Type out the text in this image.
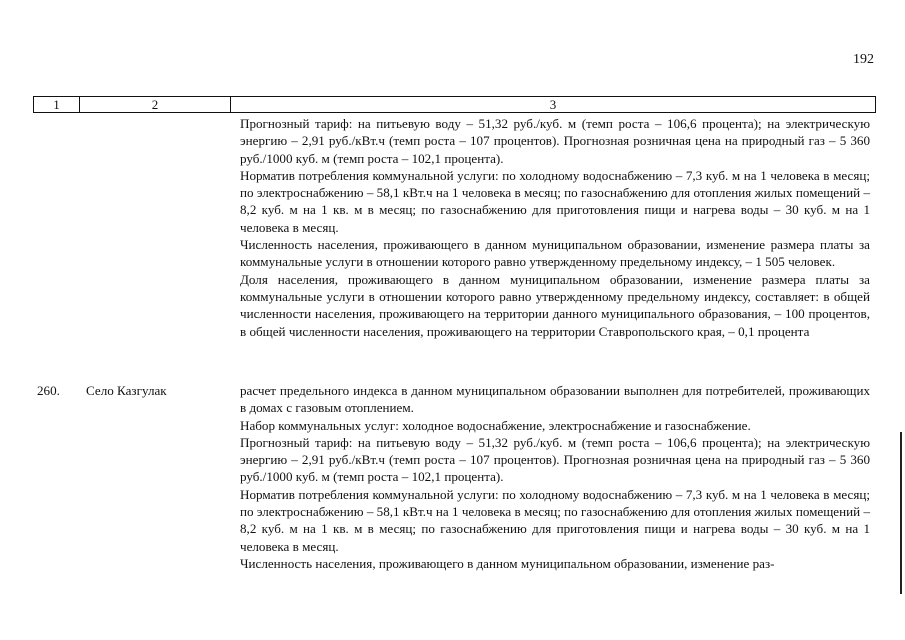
192
1	2	3

Прогнозный тариф: на питьевую воду – 51,32 руб./куб. м (темп роста – 106,6 процента); на электрическую энергию – 2,91 руб./кВт.ч (темп роста – 107 процентов). Прогнозная розничная цена на природный газ – 5 360 руб./1000 куб. м (темп роста – 102,1 процента).

Норматив потребления коммунальной услуги: по холодному водоснабжению – 7,3 куб. м на 1 человека в месяц; по электроснабжению – 58,1 кВт.ч на 1 человека в месяц; по газоснабжению для отопления жилых помещений – 8,2 куб. м на 1 кв. м в месяц; по газоснабжению для приготовления пищи и нагрева воды – 30 куб. м на 1 человека в месяц.

Численность населения, проживающего в данном муниципальном образовании, изменение размера платы за коммунальные услуги в отношении которого равно утвержденному предельному индексу, – 1 505 человек.

Доля населения, проживающего в данном муниципальном образовании, изменение размера платы за коммунальные услуги в отношении которого равно утвержденному предельному индексу, составляет: в общей численности населения, проживающего на территории данного муниципального образования, – 100 процентов, в общей численности населения, проживающего на территории Ставропольского края, – 0,1 процента

260. Село Казгулак	расчет предельного индекса в данном муниципальном образовании выполнен для потребителей, проживающих в домах с газовым отоплением.

Набор коммунальных услуг: холодное водоснабжение, электроснабжение и газоснабжение.

Прогнозный тариф: на питьевую воду – 51,32 руб./куб. м (темп роста – 106,6 процента); на электрическую энергию – 2,91 руб./кВт.ч (темп роста – 107 процентов). Прогнозная розничная цена на природный газ – 5 360 руб./1000 куб. м (темп роста – 102,1 процента).

Норматив потребления коммунальной услуги: по холодному водоснабжению – 7,3 куб. м на 1 человека в месяц; по электроснабжению – 58,1 кВт.ч на 1 человека в месяц; по газоснабжению для отопления жилых помещений – 8,2 куб. м на 1 кв. м в месяц; по газоснабжению для приготовления пищи и нагрева воды – 30 куб. м на 1 человека в месяц.

Численность населения, проживающего в данном муниципальном образовании, изменение раз-
